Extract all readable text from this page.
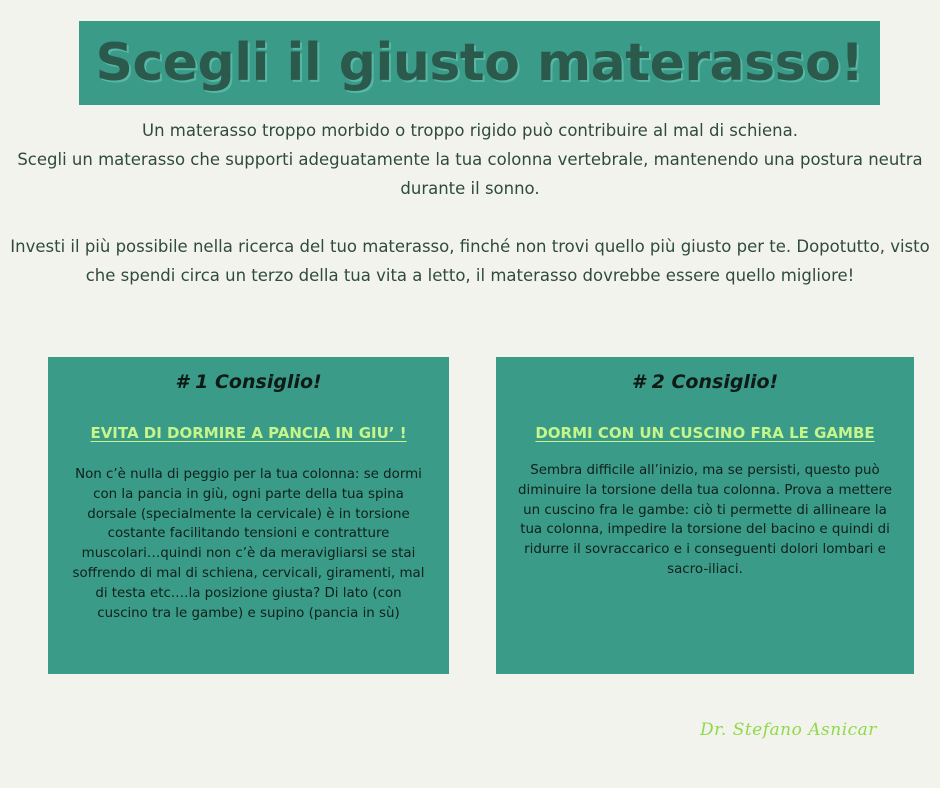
Scegli il giusto materasso!

Un materasso troppo morbido o troppo rigido può contribuire al mal di schiena.
Scegli un materasso che supporti adeguatamente la tua colonna vertebrale, mantenendo una postura neutra durante il sonno.

Investi il più possibile nella ricerca del tuo materasso, finché non trovi quello più giusto per te. Dopotutto, visto che spendi circa un terzo della tua vita a letto, il materasso dovrebbe essere quello migliore!

# 1 Consiglio!

EVITA DI DORMIRE A PANCIA IN GIU’ !

Non c’è nulla di peggio per la tua colonna: se dormi con la pancia in giù, ogni parte della tua spina dorsale (specialmente la cervicale) è in torsione costante facilitando tensioni e contratture muscolari…quindi non c’è da meravigliarsi se stai soffrendo di mal di schiena, cervicali, giramenti, mal di testa etc.…la posizione giusta? Di lato (con cuscino tra le gambe) e supino (pancia in sù)

# 2 Consiglio!

DORMI CON UN CUSCINO FRA LE GAMBE

Sembra difficile all’inizio, ma se persisti, questo può diminuire la torsione della tua colonna. Prova a mettere un cuscino fra le gambe: ciò ti permette di allineare la tua colonna, impedire la torsione del bacino e quindi di ridurre il sovraccarico e i conseguenti dolori lombari e sacro-iliaci.

Dr. Stefano Asnicar
